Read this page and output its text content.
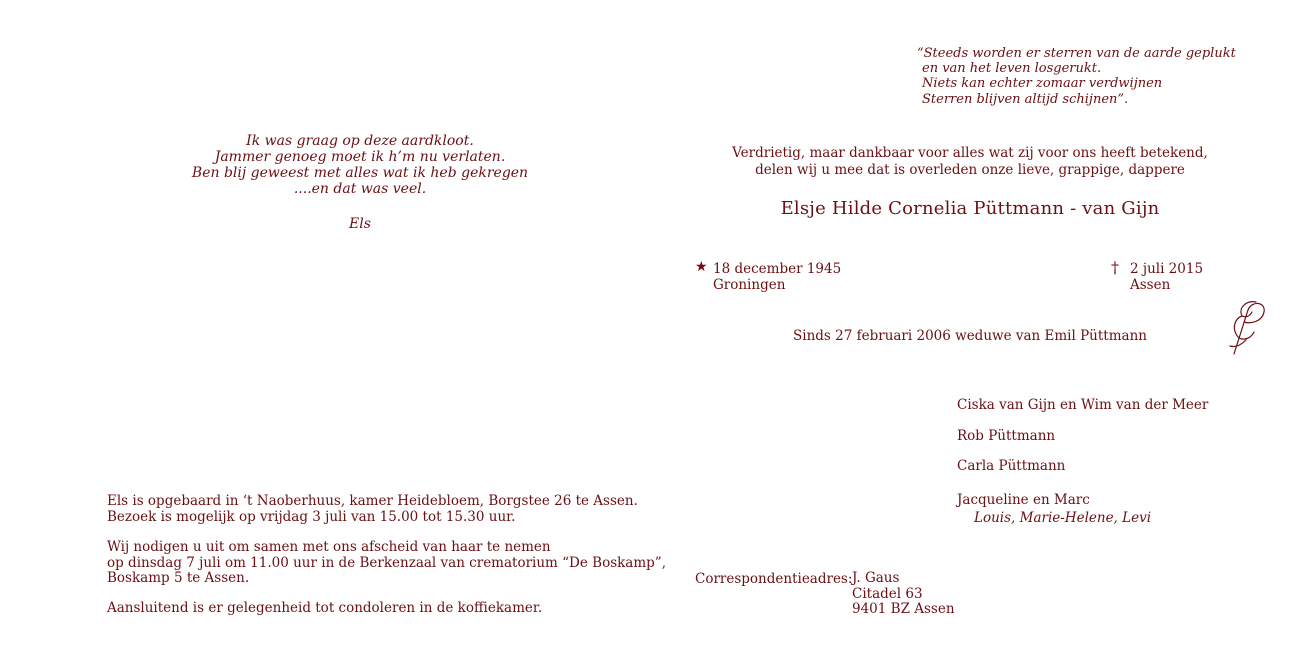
Ik was graag op deze aardkloot.
Jammer genoeg moet ik h’m nu verlaten.
Ben blij geweest met alles wat ik heb gekregen
....en dat was veel.
Els
Els is opgebaard in ‘t Naoberhuus, kamer Heidebloem, Borgstee 26 te Assen.
Bezoek is mogelijk op vrijdag 3 juli van 15.00 tot 15.30 uur.
Wij nodigen u uit om samen met ons afscheid van haar te nemen
op dinsdag 7 juli om 11.00 uur in de Berkenzaal van crematorium “De Boskamp”,
Boskamp 5 te Assen.
Aansluitend is er gelegenheid tot condoleren in de koffiekamer.
“Steeds worden er sterren van de aarde geplukt
en van het leven losgerukt.
Niets kan echter zomaar verdwijnen
Sterren blijven altijd schijnen”.
Verdrietig, maar dankbaar voor alles wat zij voor ons heeft betekend,
delen wij u mee dat is overleden onze lieve, grappige, dappere
Elsje Hilde Cornelia Püttmann - van Gijn
★ 18 december 1945
Groningen
† 2 juli 2015
Assen
Sinds 27 februari 2006 weduwe van Emil Püttmann
Ciska van Gijn en Wim van der Meer
Rob Püttmann
Carla Püttmann
Jacqueline en Marc
Louis, Marie-Helene, Levi
Correspondentieadres: J. Gaus
Citadel 63
9401 BZ Assen
